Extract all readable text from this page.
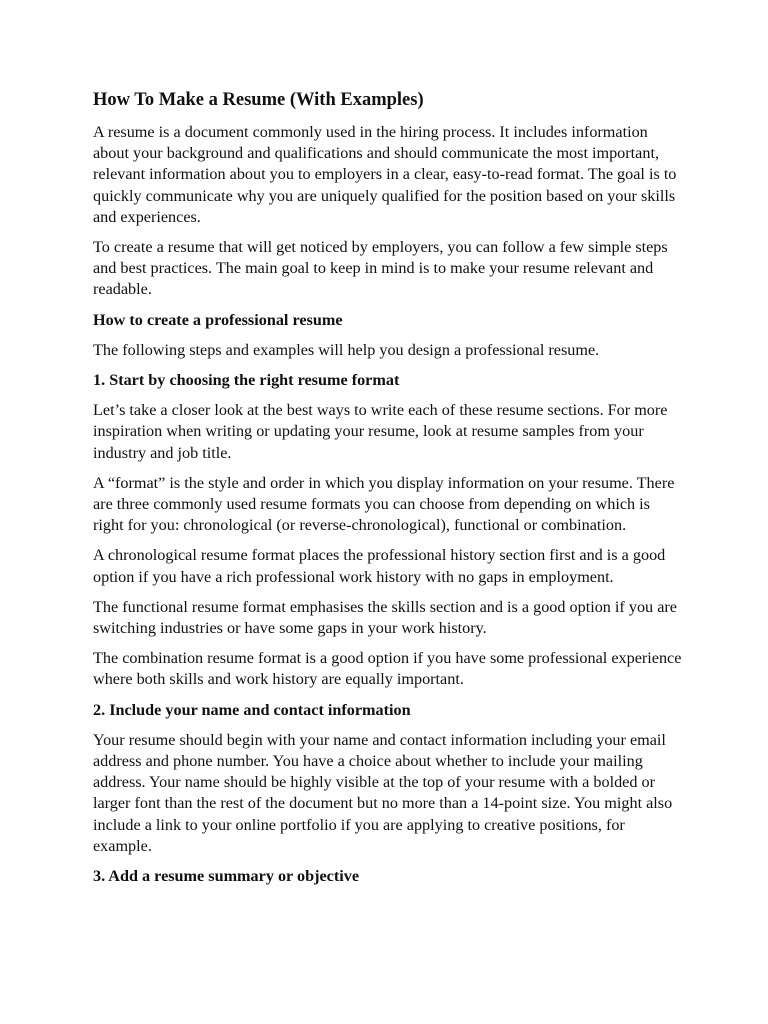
How To Make a Resume (With Examples)

A resume is a document commonly used in the hiring process. It includes information about your background and qualifications and should communicate the most important, relevant information about you to employers in a clear, easy-to-read format. The goal is to quickly communicate why you are uniquely qualified for the position based on your skills and experiences.

To create a resume that will get noticed by employers, you can follow a few simple steps and best practices. The main goal to keep in mind is to make your resume relevant and readable.

How to create a professional resume

The following steps and examples will help you design a professional resume.

1. Start by choosing the right resume format

Let’s take a closer look at the best ways to write each of these resume sections. For more inspiration when writing or updating your resume, look at resume samples from your industry and job title.

A “format” is the style and order in which you display information on your resume. There are three commonly used resume formats you can choose from depending on which is right for you: chronological (or reverse-chronological), functional or combination.

A chronological resume format places the professional history section first and is a good option if you have a rich professional work history with no gaps in employment.

The functional resume format emphasises the skills section and is a good option if you are switching industries or have some gaps in your work history.

The combination resume format is a good option if you have some professional experience where both skills and work history are equally important.

2. Include your name and contact information

Your resume should begin with your name and contact information including your email address and phone number. You have a choice about whether to include your mailing address. Your name should be highly visible at the top of your resume with a bolded or larger font than the rest of the document but no more than a 14-point size. You might also include a link to your online portfolio if you are applying to creative positions, for example.

3. Add a resume summary or objective
